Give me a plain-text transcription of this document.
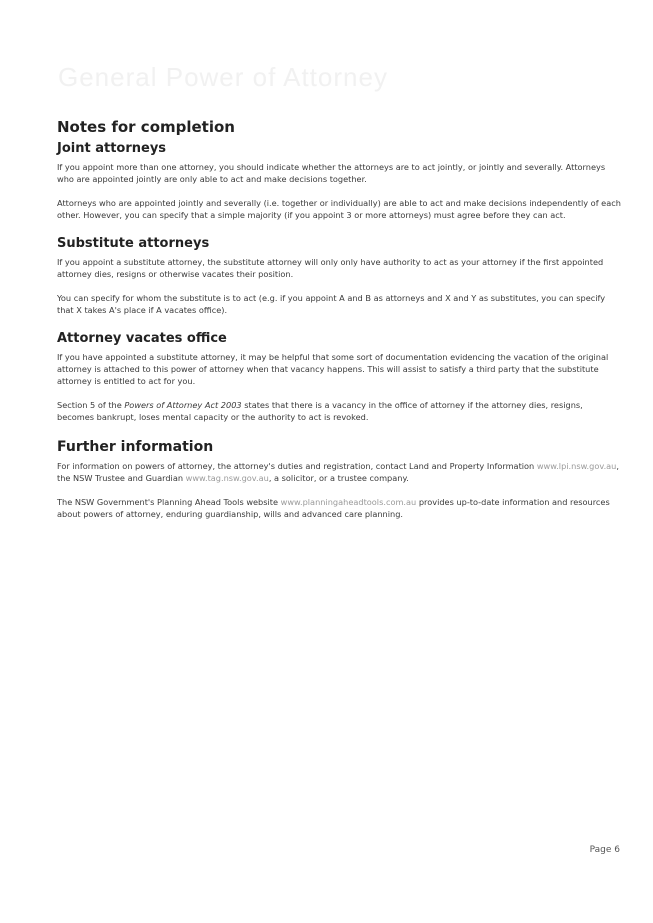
General Power of Attorney
Notes for completion
Joint attorneys

If you appoint more than one attorney, you should indicate whether the attorneys are to act jointly, or jointly and severally. Attorneys who are appointed jointly are only able to act and make decisions together.

Attorneys who are appointed jointly and severally (i.e. together or individually) are able to act and make decisions independently of each other. However, you can specify that a simple majority (if you appoint 3 or more attorneys) must agree before they can act.

Substitute attorneys

If you appoint a substitute attorney, the substitute attorney will only only have authority to act as your attorney if the first appointed attorney dies, resigns or otherwise vacates their position.

You can specify for whom the substitute is to act (e.g. if you appoint A and B as attorneys and X and Y as substitutes, you can specify that X takes A's place if A vacates office).

Attorney vacates office

If you have appointed a substitute attorney, it may be helpful that some sort of documentation evidencing the vacation of the original attorney is attached to this power of attorney when that vacancy happens. This will assist to satisfy a third party that the substitute attorney is entitled to act for you.

Section 5 of the Powers of Attorney Act 2003 states that there is a vacancy in the office of attorney if the attorney dies, resigns, becomes bankrupt, loses mental capacity or the authority to act is revoked.

Further information

For information on powers of attorney, the attorney's duties and registration, contact Land and Property Information www.lpi.nsw.gov.au, the NSW Trustee and Guardian www.tag.nsw.gov.au, a solicitor, or a trustee company.

The NSW Government's Planning Ahead Tools website www.planningaheadtools.com.au provides up-to-date information and resources about powers of attorney, enduring guardianship, wills and advanced care planning.

Page 6
